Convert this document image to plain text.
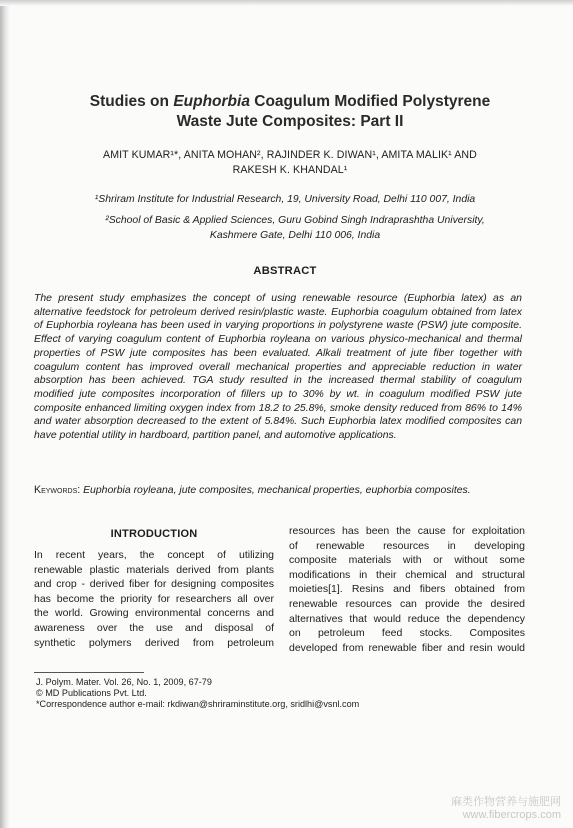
Studies on Euphorbia Coagulum Modified Polystyrene
Waste Jute Composites: Part II
AMIT KUMAR¹*, ANITA MOHAN², RAJINDER K. DIWAN¹, AMITA MALIK¹ AND
RAKESH K. KHANDAL¹
¹Shriram Institute for Industrial Research, 19, University Road, Delhi 110 007, India
²School of Basic & Applied Sciences, Guru Gobind Singh Indraprashtha University,
Kashmere Gate, Delhi 110 006, India
ABSTRACT
The present study emphasizes the concept of using renewable resource (Euphorbia latex) as an alternative feedstock for petroleum derived resin/plastic waste. Euphorbia coagulum obtained from latex of Euphorbia royleana has been used in varying proportions in polystyrene waste (PSW) jute composite. Effect of varying coagulum content of Euphorbia royleana on various physico-mechanical and thermal properties of PSW jute composites has been evaluated. Alkali treatment of jute fiber together with coagulum content has improved overall mechanical properties and appreciable reduction in water absorption has been achieved. TGA study resulted in the increased thermal stability of coagulum modified jute composites incorporation of fillers up to 30% by wt. in coagulum modified PSW jute composite enhanced limiting oxygen index from 18.2 to 25.8%, smoke density reduced from 86% to 14% and water absorption decreased to the extent of 5.84%. Such Euphorbia latex modified composites can have potential utility in hardboard, partition panel, and automotive applications.
Keywords: Euphorbia royleana, jute composites, mechanical properties, euphorbia composites.
INTRODUCTION
In recent years, the concept of utilizing
renewable plastic materials derived from plants
and crop - derived fiber for designing composites
has become the priority for researchers all over
the world. Growing environmental concerns and
awareness over the use and disposal of
synthetic polymers derived from petroleum
resources has been the cause for exploitation
of renewable resources in developing
composite materials with or without some
modifications in their chemical and structural
moieties[1]. Resins and fibers obtained from
renewable resources can provide the desired
alternatives that would reduce the dependency
on petroleum feed stocks. Composites
developed from renewable fiber and resin would
J. Polym. Mater. Vol. 26, No. 1, 2009, 67-79
© MD Publications Pvt. Ltd.
*Correspondence author e-mail: rkdiwan@shriraminstitute.org, sridlhi@vsnl.com
麻类作物营养与施肥网
www.fibercrops.com
